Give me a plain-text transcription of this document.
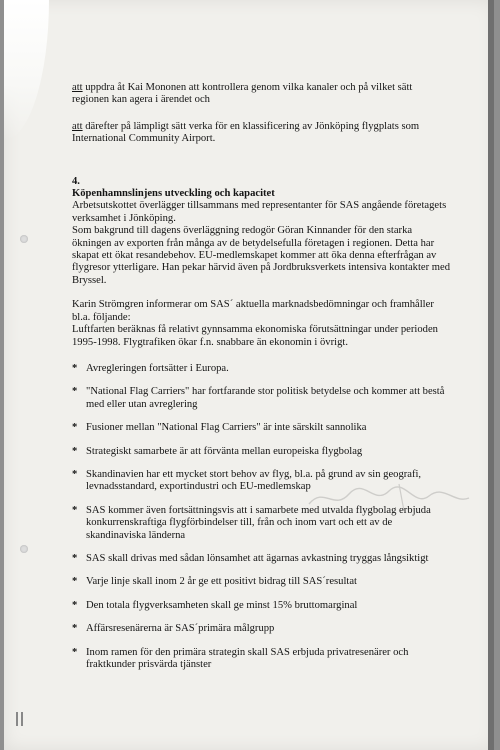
att uppdra åt Kai Mononen att kontrollera genom vilka kanaler och på vilket sätt regionen kan agera i ärendet och

att därefter på lämpligt sätt verka för en klassificering av Jönköping flygplats som International Community Airport.

4.

Köpenhamnslinjens utveckling och kapacitet

Arbetsutskottet överlägger tillsammans med representanter för SAS angående företagets verksamhet i Jönköping.

Som bakgrund till dagens överläggning redogör Göran Kinnander för den starka ökningen av exporten från många av de betydelsefulla företagen i regionen. Detta har skapat ett ökat resandebehov. EU-medlemskapet kommer att öka denna efterfrågan av flygresor ytterligare. Han pekar härvid även på Jordbruksverkets intensiva kontakter med Bryssel.

Karin Strömgren informerar om SAS´ aktuella marknadsbedömningar och framhåller bl.a. följande:

Luftfarten beräknas få relativt gynnsamma ekonomiska förutsättningar under perioden 1995-1998. Flygtrafiken ökar f.n. snabbare än ekonomin i övrigt.

* Avregleringen fortsätter i Europa.
* "National Flag Carriers" har fortfarande stor politisk betydelse och kommer att bestå med eller utan avreglering
* Fusioner mellan "National Flag Carriers" är inte särskilt sannolika
* Strategiskt samarbete är att förvänta mellan europeiska flygbolag
* Skandinavien har ett mycket stort behov av flyg, bl.a. på grund av sin geografi, levnadsstandard, exportindustri och EU-medlemskap
* SAS kommer även fortsättningsvis att i samarbete med utvalda flygbolag erbjuda konkurrenskraftiga flygförbindelser till, från och inom vart och ett av de skandinaviska länderna
* SAS skall drivas med sådan lönsamhet att ägarnas avkastning tryggas långsiktigt
* Varje linje skall inom 2 år ge ett positivt bidrag till SAS´resultat
* Den totala flygverksamheten skall ge minst 15% bruttomarginal
* Affärsresenärerna är SAS´primära målgrupp
* Inom ramen för den primära strategin skall SAS erbjuda privatresenärer och fraktkunder prisvärda tjänster
